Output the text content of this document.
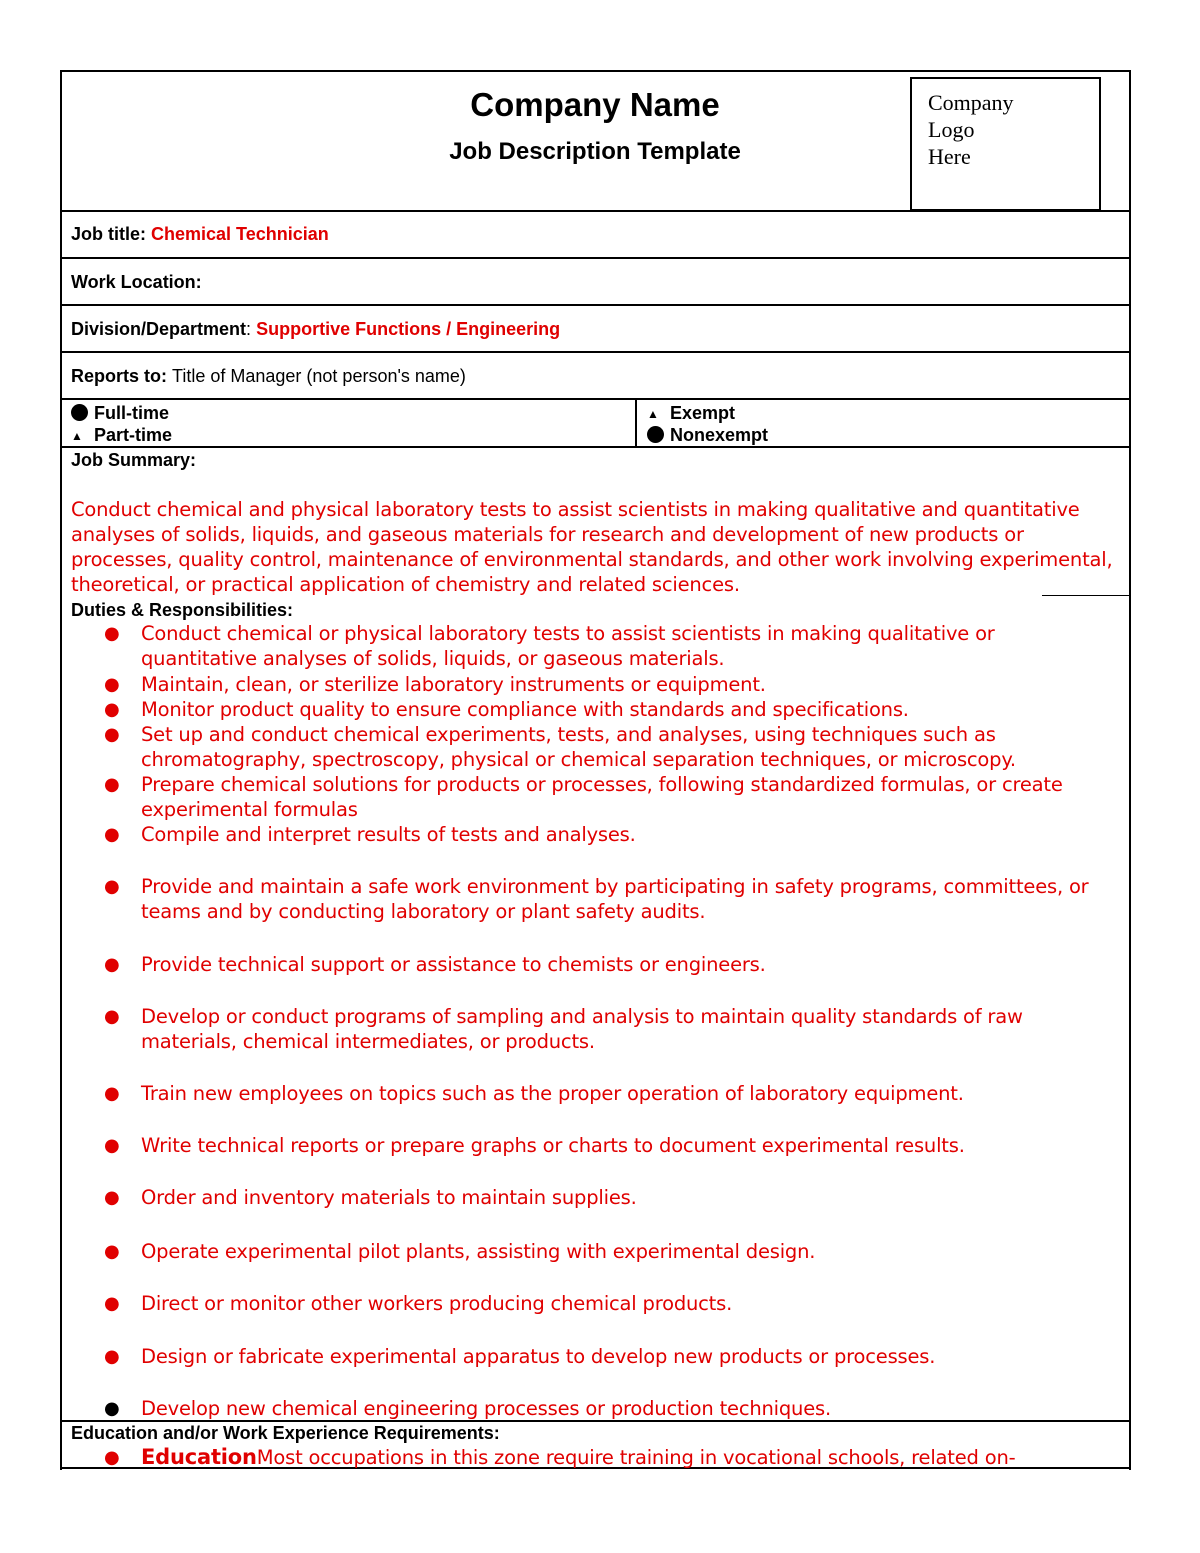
Company Name
Job Description Template
Company
Logo
Here
Job title: Chemical Technician
Work Location:
Division/Department: Supportive Functions / Engineering
Reports to: Title of Manager (not person's name)
Full-time
▲ Part-time
▲ Exempt
Nonexempt
Job Summary:
Conduct chemical and physical laboratory tests to assist scientists in making qualitative and quantitative analyses of solids, liquids, and gaseous materials for research and development of new products or processes, quality control, maintenance of environmental standards, and other work involving experimental, theoretical, or practical application of chemistry and related sciences.
Duties & Responsibilities:
● Conduct chemical or physical laboratory tests to assist scientists in making qualitative or quantitative analyses of solids, liquids, or gaseous materials.
● Maintain, clean, or sterilize laboratory instruments or equipment.
● Monitor product quality to ensure compliance with standards and specifications.
● Set up and conduct chemical experiments, tests, and analyses, using techniques such as chromatography, spectroscopy, physical or chemical separation techniques, or microscopy.
● Prepare chemical solutions for products or processes, following standardized formulas, or create experimental formulas
● Compile and interpret results of tests and analyses.
● Provide and maintain a safe work environment by participating in safety programs, committees, or teams and by conducting laboratory or plant safety audits.
● Provide technical support or assistance to chemists or engineers.
● Develop or conduct programs of sampling and analysis to maintain quality standards of raw materials, chemical intermediates, or products.
● Train new employees on topics such as the proper operation of laboratory equipment.
● Write technical reports or prepare graphs or charts to document experimental results.
● Order and inventory materials to maintain supplies.
● Operate experimental pilot plants, assisting with experimental design.
● Direct or monitor other workers producing chemical products.
● Design or fabricate experimental apparatus to develop new products or processes.
● Develop new chemical engineering processes or production techniques.
Education and/or Work Experience Requirements:
● EducationMost occupations in this zone require training in vocational schools, related on-
